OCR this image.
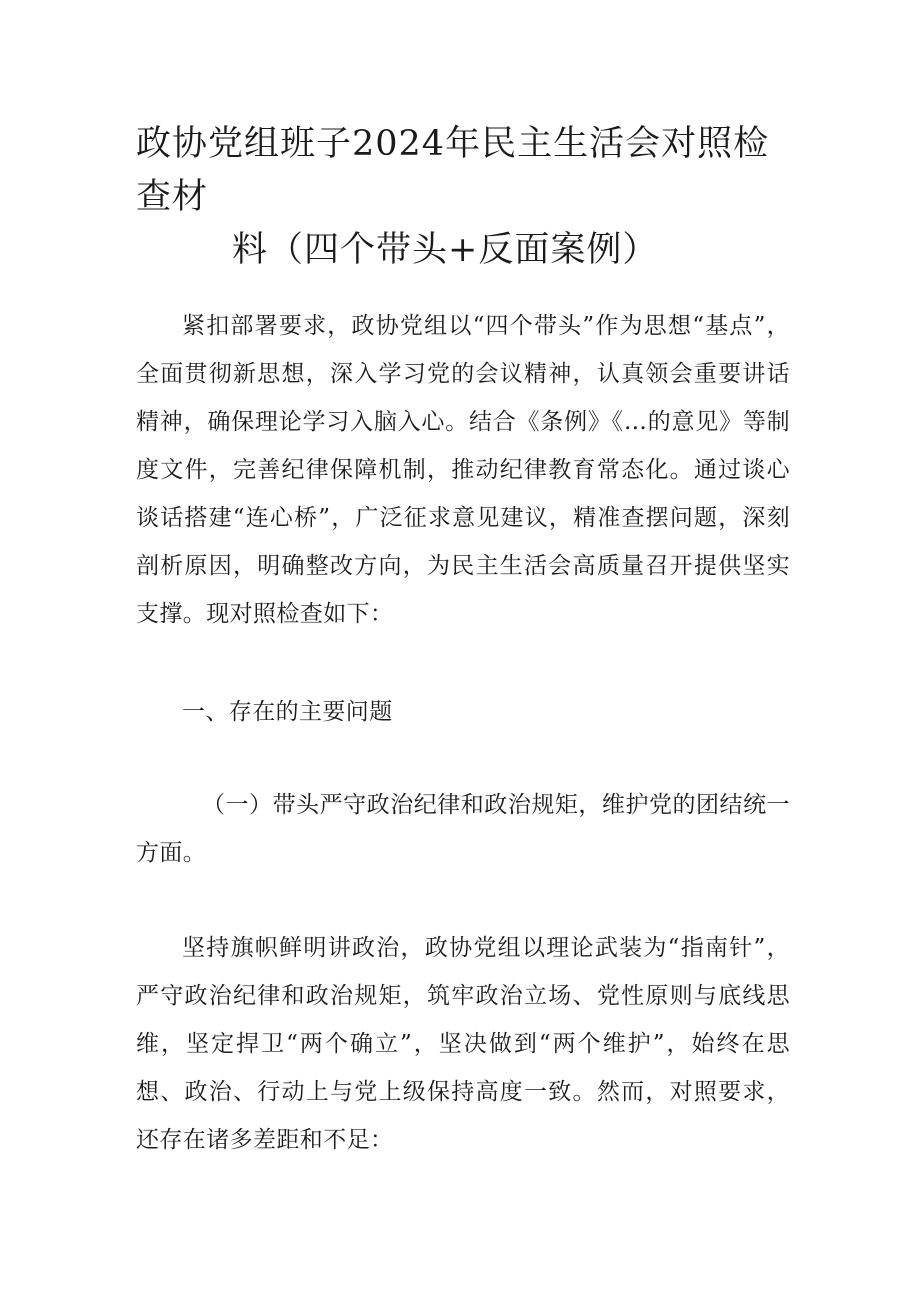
政协党组班子2024年民主生活会对照检查材
料（四个带头+反面案例）

紧扣部署要求，政协党组以“四个带头”作为思想“基点”，全面贯彻新思想，深入学习党的会议精神，认真领会重要讲话精神，确保理论学习入脑入心。结合《条例》《…的意见》等制度文件，完善纪律保障机制，推动纪律教育常态化。通过谈心谈话搭建“连心桥”，广泛征求意见建议，精准查摆问题，深刻剖析原因，明确整改方向，为民主生活会高质量召开提供坚实支撑。现对照检查如下：

一、存在的主要问题

（一）带头严守政治纪律和政治规矩，维护党的团结统一方面。

坚持旗帜鲜明讲政治，政协党组以理论武装为“指南针”，严守政治纪律和政治规矩，筑牢政治立场、党性原则与底线思维，坚定捍卫“两个确立”，坚决做到“两个维护”，始终在思想、政治、行动上与党上级保持高度一致。然而，对照要求，还存在诸多差距和不足：
